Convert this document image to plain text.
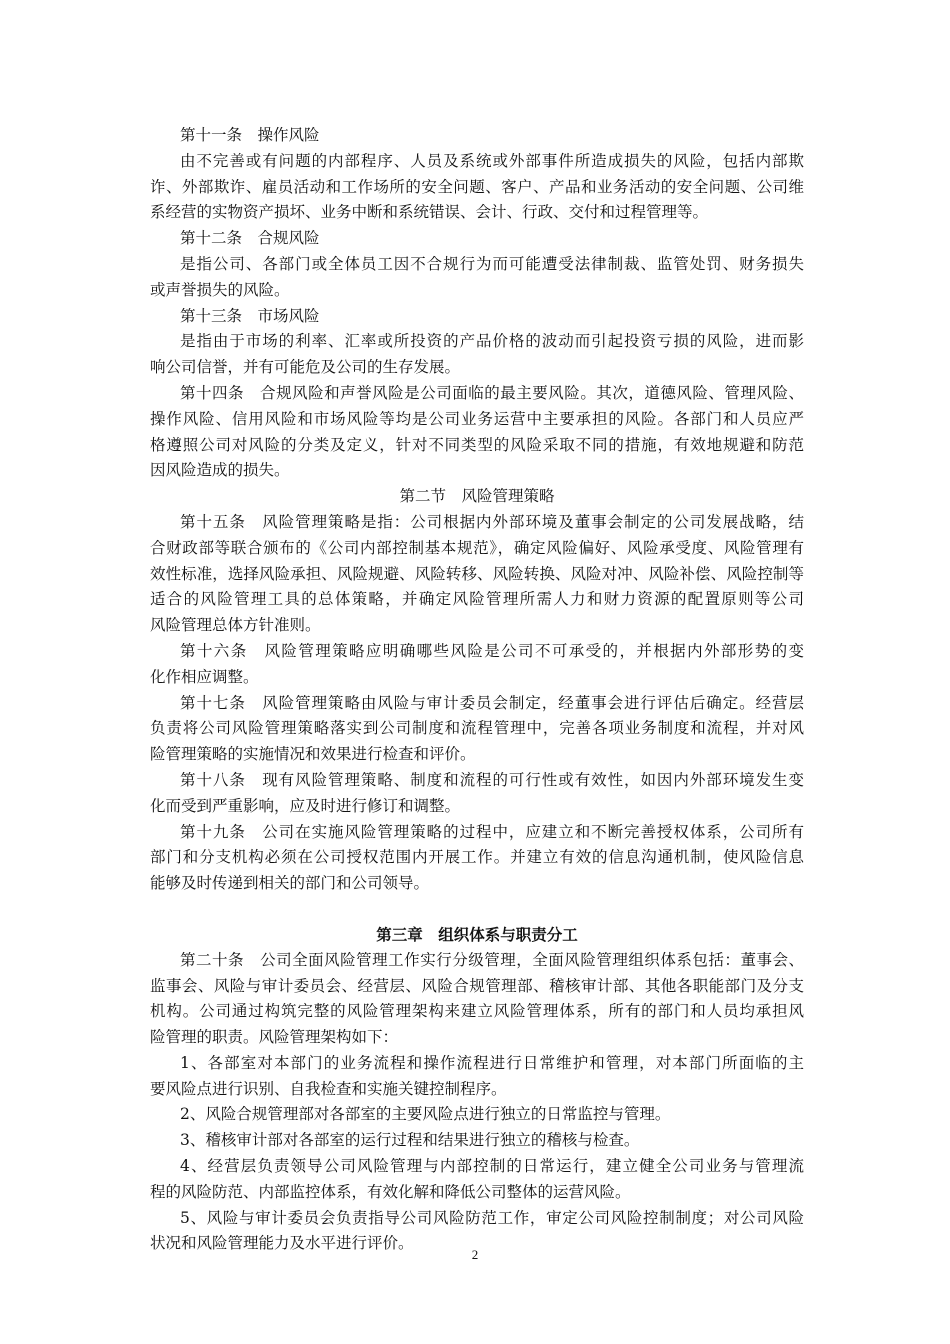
第十一条　操作风险
由不完善或有问题的内部程序、人员及系统或外部事件所造成损失的风险，包括内部欺
诈、外部欺诈、雇员活动和工作场所的安全问题、客户、产品和业务活动的安全问题、公司维
系经营的实物资产损坏、业务中断和系统错误、会计、行政、交付和过程管理等。
第十二条　合规风险
是指公司、各部门或全体员工因不合规行为而可能遭受法律制裁、监管处罚、财务损失
或声誉损失的风险。
第十三条　市场风险
是指由于市场的利率、汇率或所投资的产品价格的波动而引起投资亏损的风险，进而影
响公司信誉，并有可能危及公司的生存发展。
第十四条　合规风险和声誉风险是公司面临的最主要风险。其次，道德风险、管理风险、
操作风险、信用风险和市场风险等均是公司业务运营中主要承担的风险。各部门和人员应严
格遵照公司对风险的分类及定义，针对不同类型的风险采取不同的措施，有效地规避和防范
因风险造成的损失。
第二节　风险管理策略
第十五条　风险管理策略是指：公司根据内外部环境及董事会制定的公司发展战略，结
合财政部等联合颁布的《公司内部控制基本规范》，确定风险偏好、风险承受度、风险管理有
效性标准，选择风险承担、风险规避、风险转移、风险转换、风险对冲、风险补偿、风险控制等
适合的风险管理工具的总体策略，并确定风险管理所需人力和财力资源的配置原则等公司
风险管理总体方针准则。
第十六条　风险管理策略应明确哪些风险是公司不可承受的，并根据内外部形势的变
化作相应调整。
第十七条　风险管理策略由风险与审计委员会制定，经董事会进行评估后确定。经营层
负责将公司风险管理策略落实到公司制度和流程管理中，完善各项业务制度和流程，并对风
险管理策略的实施情况和效果进行检查和评价。
第十八条　现有风险管理策略、制度和流程的可行性或有效性，如因内外部环境发生变
化而受到严重影响，应及时进行修订和调整。
第十九条　公司在实施风险管理策略的过程中，应建立和不断完善授权体系，公司所有
部门和分支机构必须在公司授权范围内开展工作。并建立有效的信息沟通机制，使风险信息
能够及时传递到相关的部门和公司领导。
第三章　组织体系与职责分工
第二十条　公司全面风险管理工作实行分级管理，全面风险管理组织体系包括：董事会、
监事会、风险与审计委员会、经营层、风险合规管理部、稽核审计部、其他各职能部门及分支
机构。公司通过构筑完整的风险管理架构来建立风险管理体系，所有的部门和人员均承担风
险管理的职责。风险管理架构如下：
1、各部室对本部门的业务流程和操作流程进行日常维护和管理，对本部门所面临的主
要风险点进行识别、自我检查和实施关键控制程序。
2、风险合规管理部对各部室的主要风险点进行独立的日常监控与管理。
3、稽核审计部对各部室的运行过程和结果进行独立的稽核与检查。
4、经营层负责领导公司风险管理与内部控制的日常运行，建立健全公司业务与管理流
程的风险防范、内部监控体系，有效化解和降低公司整体的运营风险。
5、风险与审计委员会负责指导公司风险防范工作，审定公司风险控制制度；对公司风险
状况和风险管理能力及水平进行评价。
2
